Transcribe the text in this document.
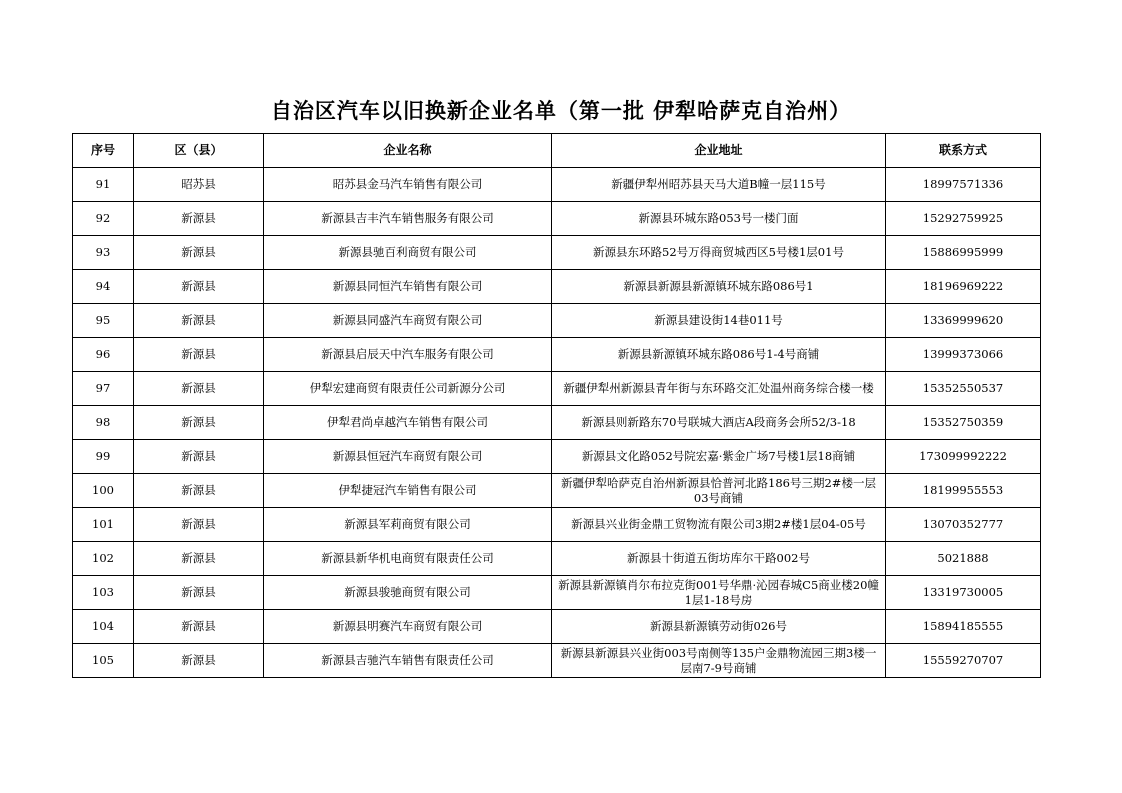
自治区汽车以旧换新企业名单（第一批 伊犁哈萨克自治州）
序号	区（县）	企业名称	企业地址	联系方式
91	昭苏县	昭苏县金马汽车销售有限公司	新疆伊犁州昭苏县天马大道B幢一层115号	18997571336
92	新源县	新源县吉丰汽车销售服务有限公司	新源县环城东路053号一楼门面	15292759925
93	新源县	新源县驰百利商贸有限公司	新源县东环路52号万得商贸城西区5号楼1层01号	15886995999
94	新源县	新源县同恒汽车销售有限公司	新源县新源县新源镇环城东路086号1	18196969222
95	新源县	新源县同盛汽车商贸有限公司	新源县建设街14巷011号	13369999620
96	新源县	新源县启辰天中汽车服务有限公司	新源县新源镇环城东路086号1-4号商铺	13999373066
97	新源县	伊犁宏建商贸有限责任公司新源分公司	新疆伊犁州新源县青年街与东环路交汇处温州商务综合楼一楼	15352550537
98	新源县	伊犁君尚卓越汽车销售有限公司	新源县则新路东70号联城大酒店A段商务会所52/3-18	15352750359
99	新源县	新源县恒冠汽车商贸有限公司	新源县文化路052号院宏嘉·紫金广场7号楼1层18商铺	173099992222
100	新源县	伊犁捷冠汽车销售有限公司	新疆伊犁哈萨克自治州新源县恰普河北路186号三期2#楼一层03号商铺	18199955553
101	新源县	新源县军莉商贸有限公司	新源县兴业街金鼎工贸物流有限公司3期2#楼1层04-05号	13070352777
102	新源县	新源县新华机电商贸有限责任公司	新源县十街道五街坊库尔干路002号	5021888
103	新源县	新源县骏驰商贸有限公司	新源县新源镇肖尔布拉克街001号华鼎·沁园春城C5商业楼20幢1层1-18号房	13319730005
104	新源县	新源县明赛汽车商贸有限公司	新源县新源镇劳动街026号	15894185555
105	新源县	新源县吉驰汽车销售有限责任公司	新源县新源县兴业街003号南侧等135户金鼎物流园三期3楼一层南7-9号商铺	15559270707
